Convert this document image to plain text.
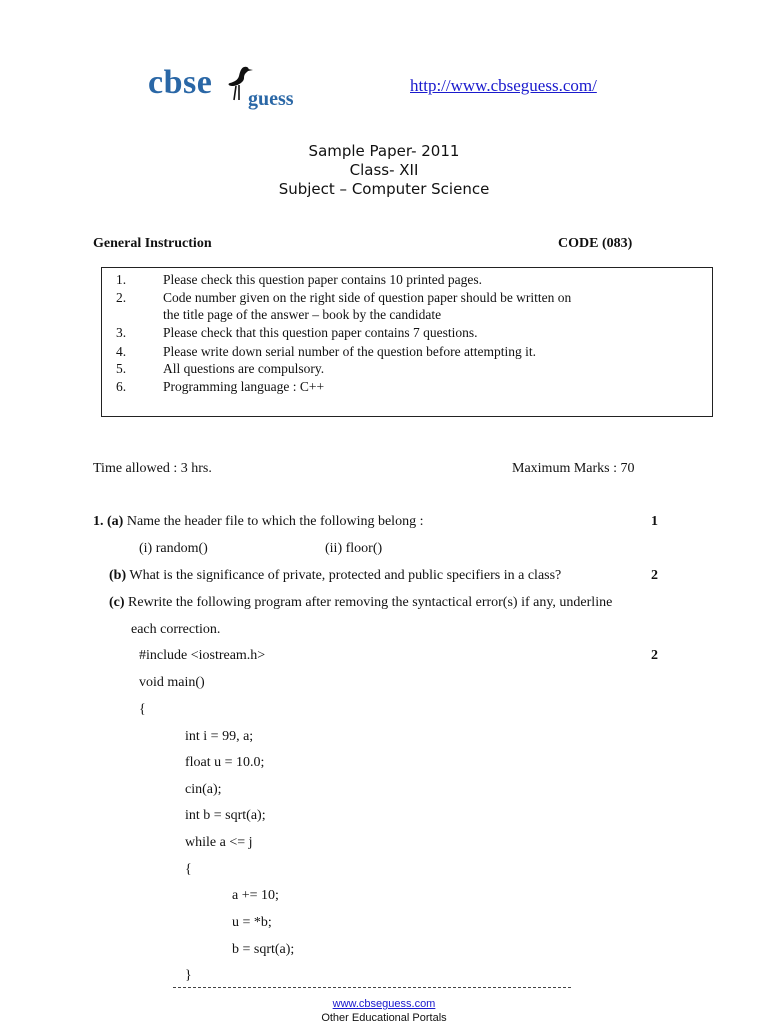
cbse guess
http://www.cbseguess.com/
Sample Paper- 2011
Class- XII
Subject – Computer Science
General Instruction	CODE (083)
1.	Please check this question paper contains 10 printed pages.
2.	Code number given on the right side of question paper should be written on
the title page of the answer – book by the candidate
3.	Please check that this question paper contains 7 questions.
4.	Please write down serial number of the question before attempting it.
5.	All questions are compulsory.
6.	Programming language : C++
Time allowed : 3 hrs.	Maximum Marks : 70
1. (a) Name the header file to which the following belong :	1
(i) random()	(ii) floor()
(b) What is the significance of private, protected and public specifiers in a class?	2
(c) Rewrite the following program after removing the syntactical error(s) if any, underline
each correction.
#include <iostream.h>	2
void main()
{
int i = 99, a;
float u = 10.0;
cin(a);
int b = sqrt(a);
while a <= j
{
a += 10;
u = *b;
b = sqrt(a);
}
www.cbseguess.com
Other Educational Portals
